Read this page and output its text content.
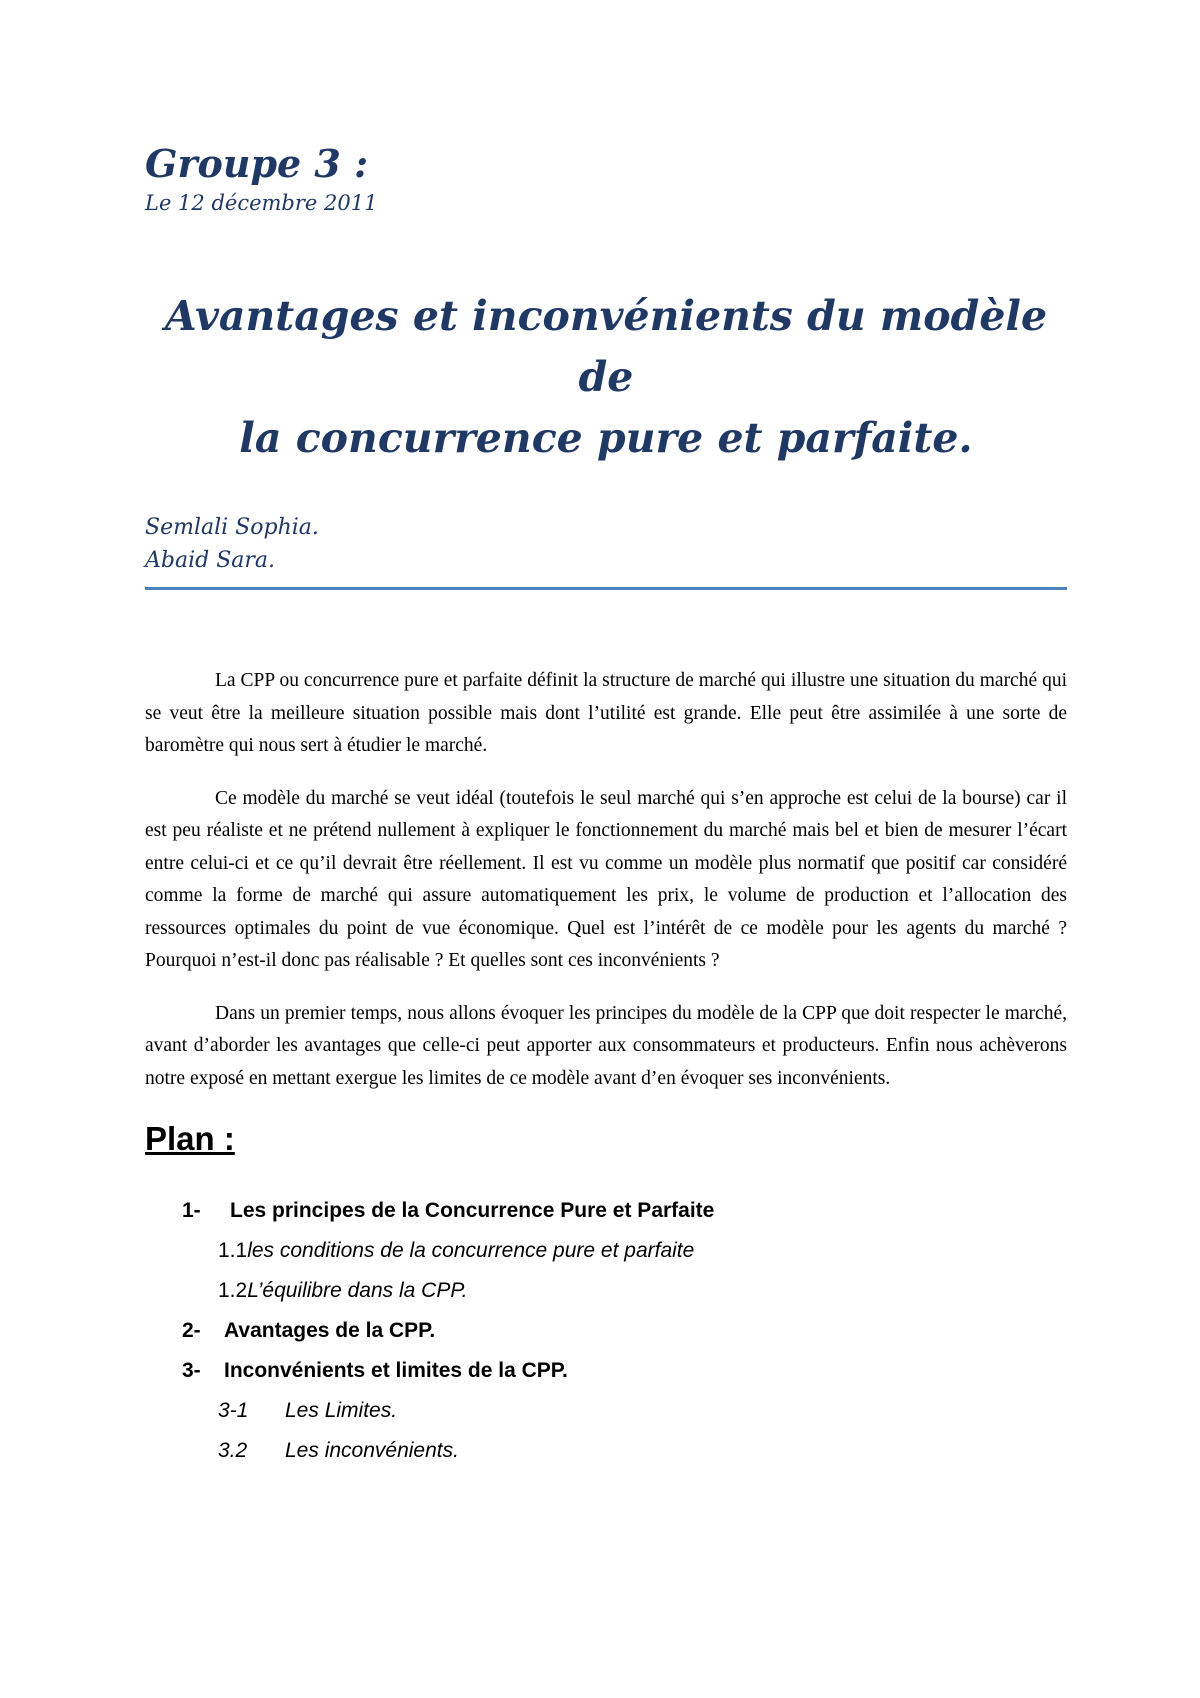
Groupe 3 :
Le 12 décembre 2011
Avantages et inconvénients du modèle de
la concurrence pure et parfaite.
Semlali Sophia.
Abaid Sara.

La CPP ou concurrence pure et parfaite définit la structure de marché qui illustre une situation du marché qui se veut être la meilleure situation possible mais dont l’utilité est grande. Elle peut être assimilée à une sorte de baromètre qui nous sert à étudier le marché.

Ce modèle du marché se veut idéal (toutefois le seul marché qui s’en approche est celui de la bourse) car il est peu réaliste et ne prétend nullement à expliquer le fonctionnement du marché mais bel et bien de mesurer l’écart entre celui-ci et ce qu’il devrait être réellement. Il est vu comme un modèle plus normatif que positif car considéré comme la forme de marché qui assure automatiquement les prix, le volume de production et l’allocation des ressources optimales du point de vue économique. Quel est l’intérêt de ce modèle pour les agents du marché ? Pourquoi n’est-il donc pas réalisable ? Et quelles sont ces inconvénients ?

Dans un premier temps, nous allons évoquer les principes du modèle de la CPP que doit respecter le marché, avant d’aborder les avantages que celle-ci peut apporter aux consommateurs et producteurs. Enfin nous achèverons notre exposé en mettant exergue les limites de ce modèle avant d’en évoquer ses inconvénients.

Plan :
1-	Les principes de la Concurrence Pure et Parfaite
1.1 les conditions de la concurrence pure et parfaite
1.2 L’équilibre dans la CPP.
2-	Avantages de la CPP.
3-	Inconvénients et limites de la CPP.
3-1	Les Limites.
3.2	Les inconvénients.
